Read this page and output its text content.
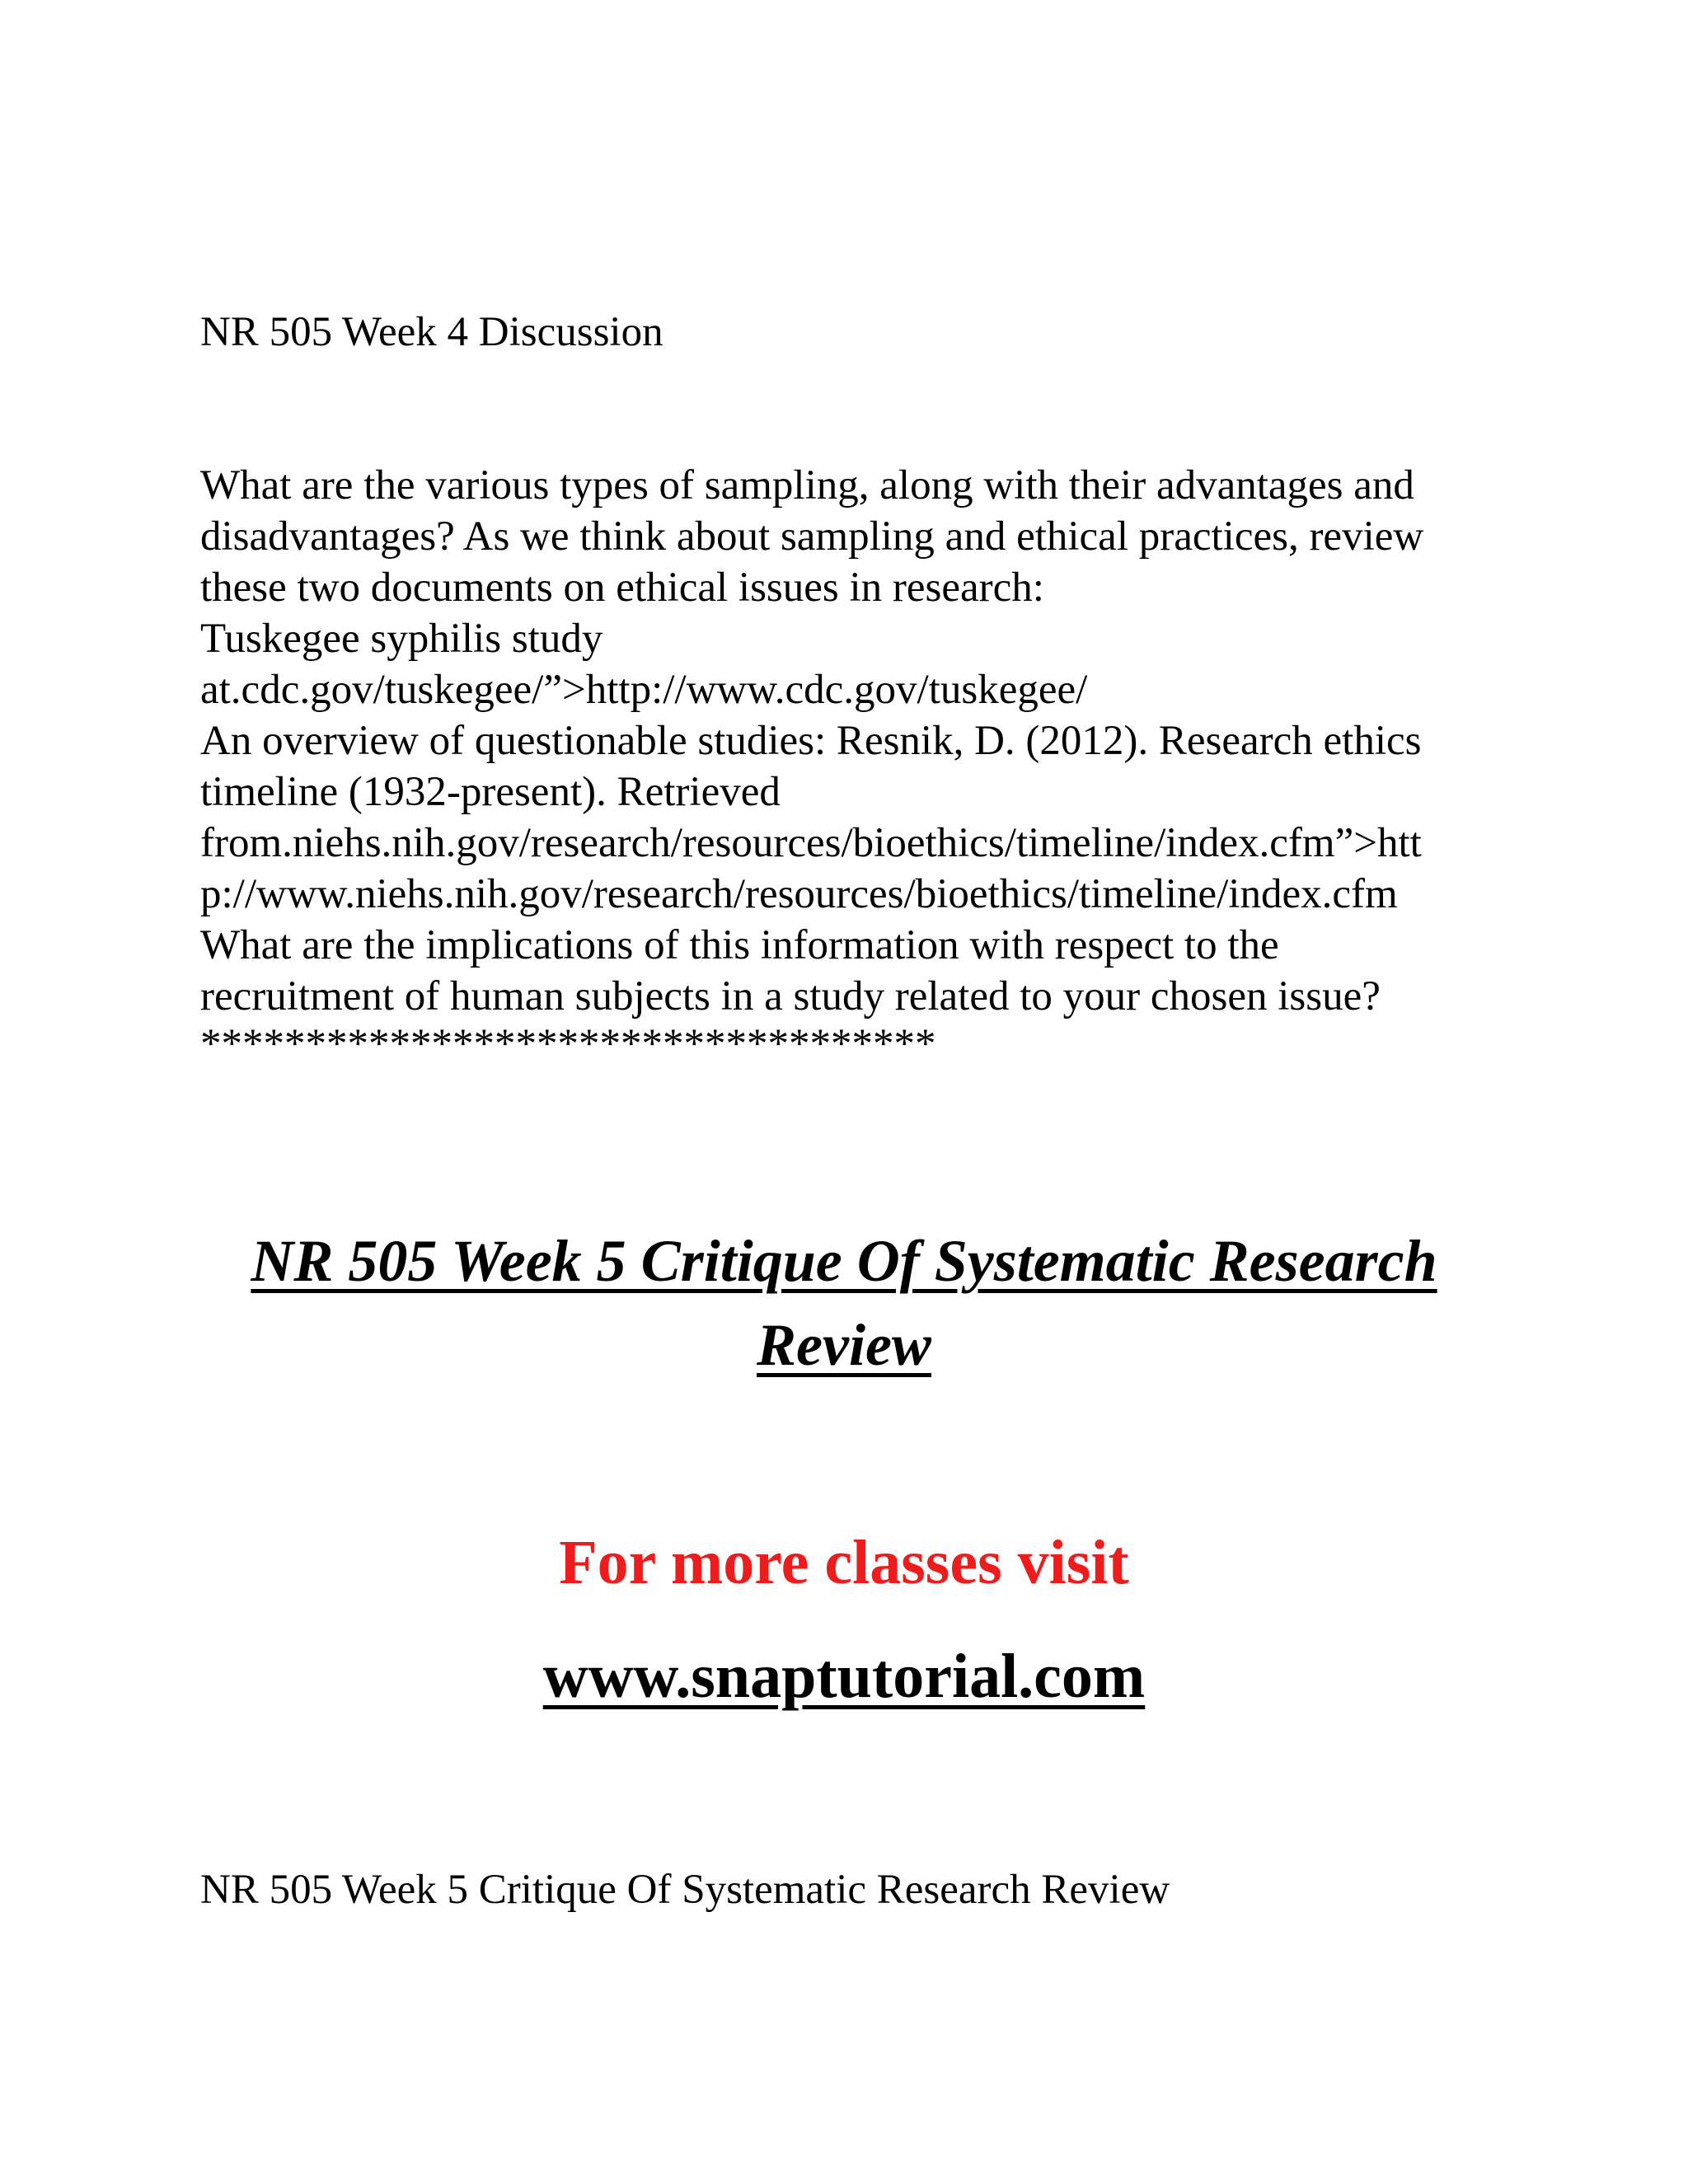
NR 505 Week 4 Discussion

What are the various types of sampling, along with their advantages and

disadvantages? As we think about sampling and ethical practices, review

these two documents on ethical issues in research:

Tuskegee syphilis study

at.cdc.gov/tuskegee/”>http://www.cdc.gov/tuskegee/

An overview of questionable studies: Resnik, D. (2012). Research ethics

timeline (1932-present). Retrieved

from.niehs.nih.gov/research/resources/bioethics/timeline/index.cfm”>htt

p://www.niehs.nih.gov/research/resources/bioethics/timeline/index.cfm

What are the implications of this information with respect to the

recruitment of human subjects in a study related to your chosen issue?

***********************************

NR 505 Week 5 Critique Of Systematic Research

Review

For more classes visit

www.snaptutorial.com

NR 505 Week 5 Critique Of Systematic Research Review
